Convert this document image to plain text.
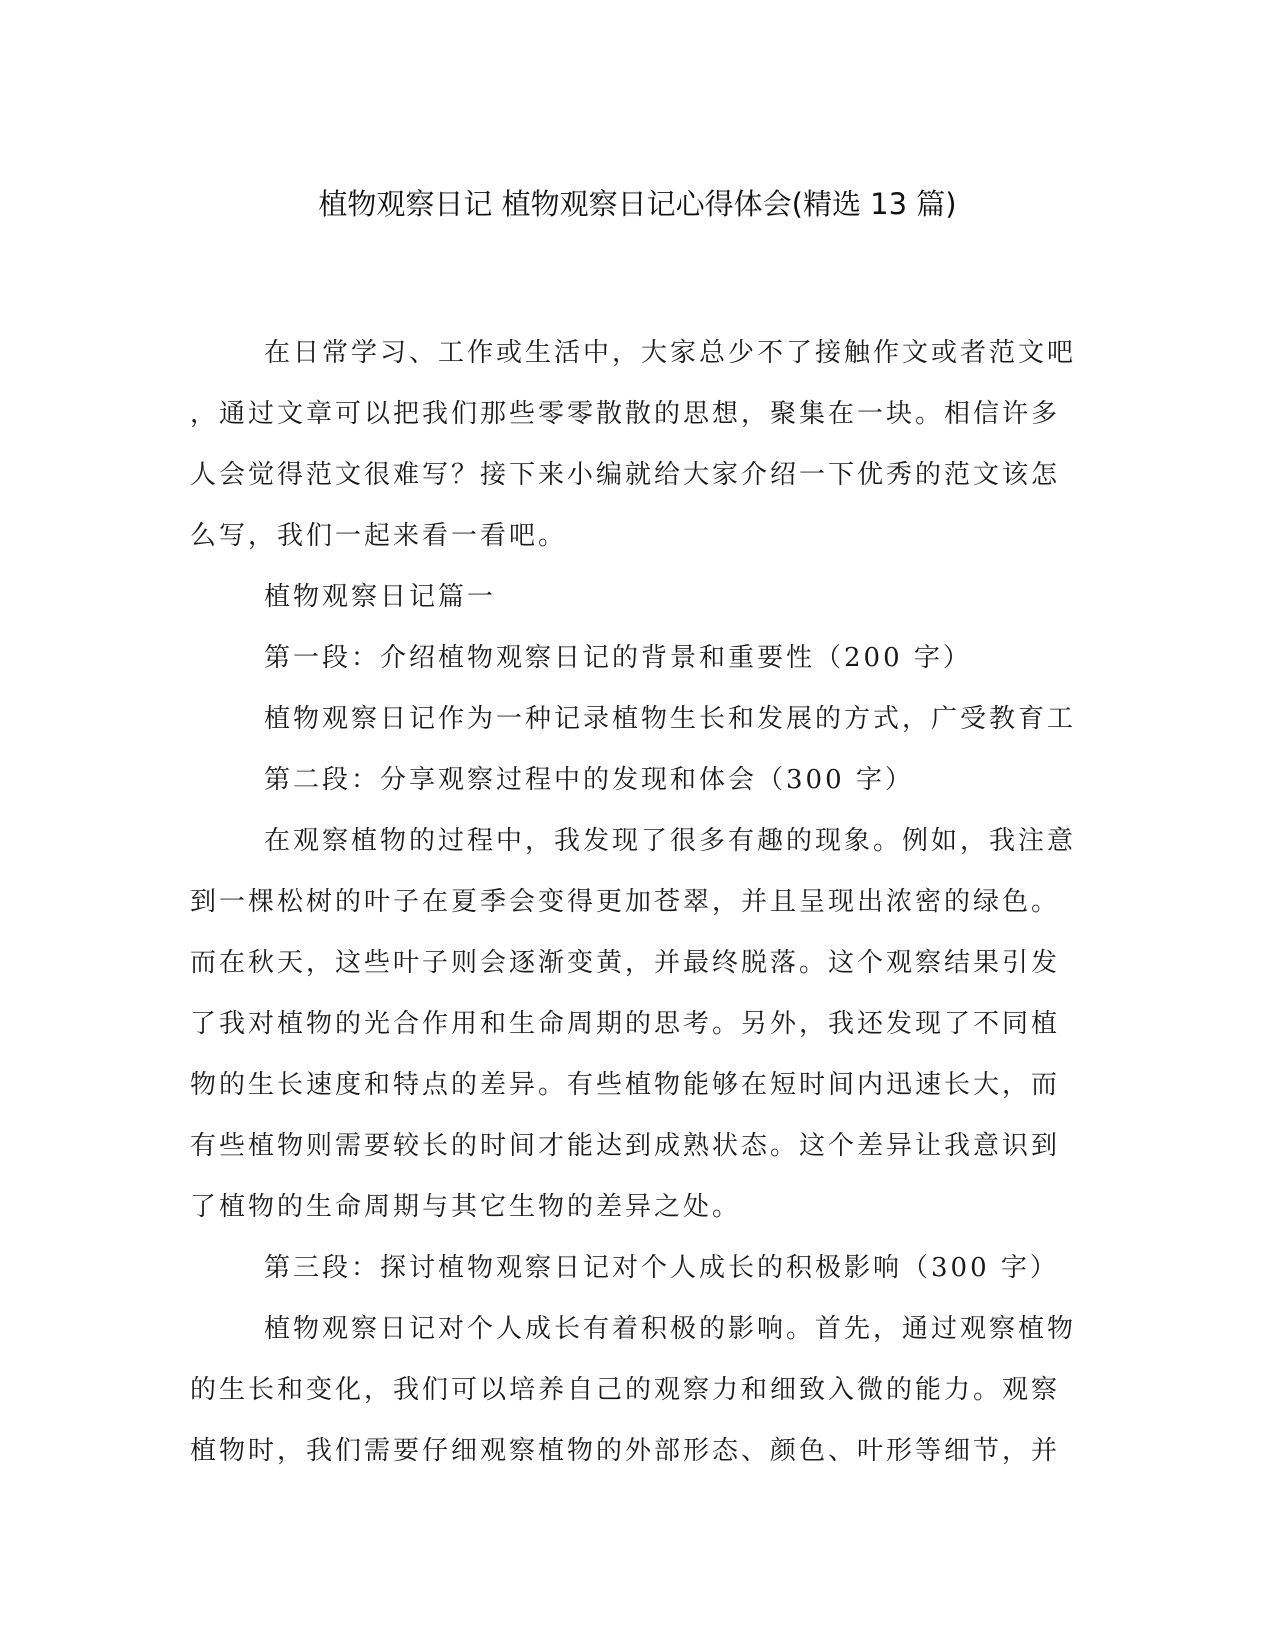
植物观察日记 植物观察日记心得体会(精选 13 篇)
在日常学习、工作或生活中，大家总少不了接触作文或者范文吧
，通过文章可以把我们那些零零散散的思想，聚集在一块。相信许多
人会觉得范文很难写？接下来小编就给大家介绍一下优秀的范文该怎
么写，我们一起来看一看吧。
植物观察日记篇一
第一段：介绍植物观察日记的背景和重要性（200 字）
植物观察日记作为一种记录植物生长和发展的方式，广受教育工
第二段：分享观察过程中的发现和体会（300 字）
在观察植物的过程中，我发现了很多有趣的现象。例如，我注意
到一棵松树的叶子在夏季会变得更加苍翠，并且呈现出浓密的绿色。
而在秋天，这些叶子则会逐渐变黄，并最终脱落。这个观察结果引发
了我对植物的光合作用和生命周期的思考。另外，我还发现了不同植
物的生长速度和特点的差异。有些植物能够在短时间内迅速长大，而
有些植物则需要较长的时间才能达到成熟状态。这个差异让我意识到
了植物的生命周期与其它生物的差异之处。
第三段：探讨植物观察日记对个人成长的积极影响（300 字）
植物观察日记对个人成长有着积极的影响。首先，通过观察植物
的生长和变化，我们可以培养自己的观察力和细致入微的能力。观察
植物时，我们需要仔细观察植物的外部形态、颜色、叶形等细节，并
